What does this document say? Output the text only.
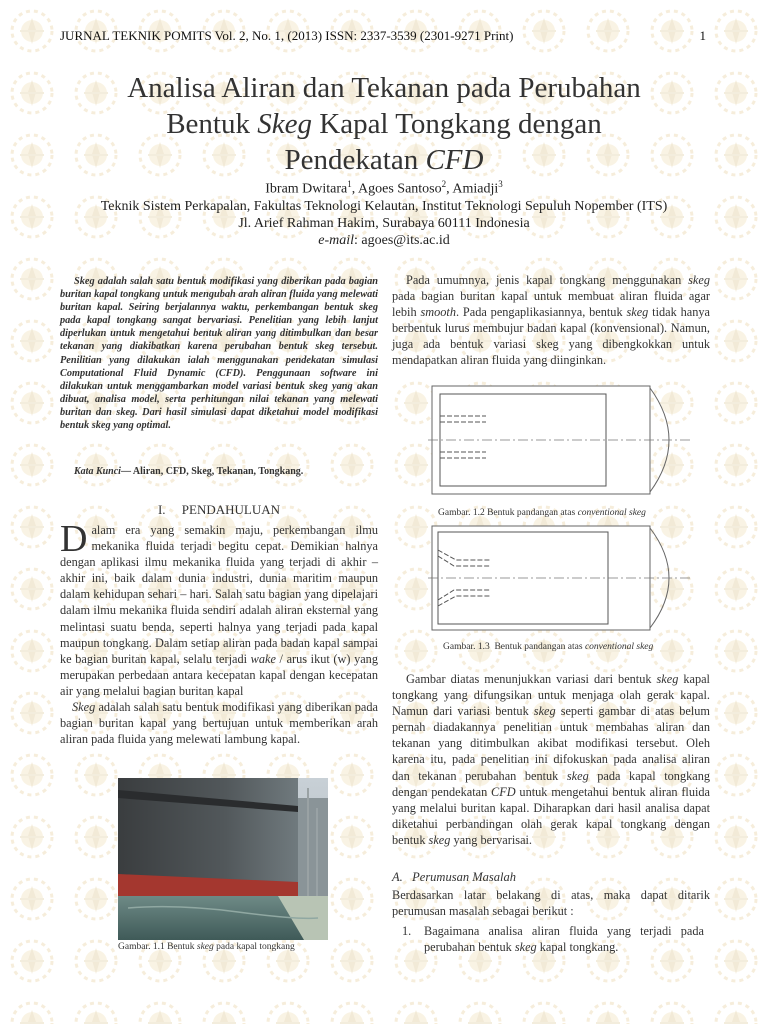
JURNAL TEKNIK POMITS Vol. 2, No. 1, (2013) ISSN: 2337-3539 (2301-9271 Print)	1
Analisa Aliran dan Tekanan pada Perubahan
Bentuk Skeg Kapal Tongkang dengan
Pendekatan CFD
Ibram Dwitara$^1$, Agoes Santoso$^2$, Amiadji$^3$
Teknik Sistem Perkapalan, Fakultas Teknologi Kelautan, Institut Teknologi Sepuluh Nopember (ITS)
Jl. Arief Rahman Hakim, Surabaya 60111 Indonesia
e-mail: agoes@its.ac.id

Skeg adalah salah satu bentuk modifikasi yang diberikan pada bagian buritan kapal tongkang untuk mengubah arah aliran fluida yang melewati buritan kapal. Seiring berjalannya waktu, perkembangan bentuk skeg pada kapal tongkang sangat bervariasi. Penelitian yang lebih lanjut diperlukan untuk mengetahui bentuk aliran yang ditimbulkan dan besar tekanan yang diakibatkan karena perubahan bentuk skeg tersebut. Penilitian yang dilakukan ialah menggunakan pendekatan simulasi Computational Fluid Dynamic (CFD). Penggunaan software ini dilakukan untuk menggambarkan model variasi bentuk skeg yang akan dibuat, analisa model, serta perhitungan nilai tekanan yang melewati buritan dan skeg. Dari hasil simulasi dapat diketahui model modifikasi bentuk skeg yang optimal.

Kata Kunci— Aliran, CFD, Skeg, Tekanan, Tongkang.

I.     PENDAHULUAN

Dalam era yang semakin maju, perkembangan ilmu mekanika fluida terjadi begitu cepat. Demikian halnya dengan aplikasi ilmu mekanika fluida yang terjadi di akhir – akhir ini, baik dalam dunia industri, dunia maritim maupun dalam kehidupan sehari – hari. Salah satu bagian yang dipelajari dalam ilmu mekanika fluida sendiri adalah aliran eksternal yang melintasi suatu benda, seperti halnya yang terjadi pada kapal maupun tongkang. Dalam setiap aliran pada badan kapal sampai ke bagian buritan kapal, selalu terjadi wake / arus ikut (w) yang merupakan perbedaan antara kecepatan kapal dengan kecepatan air yang melalui bagian buritan kapal

Skeg adalah salah satu bentuk modifikasi yang diberikan pada bagian buritan kapal yang bertujuan untuk memberikan arah aliran pada fluida yang melewati lambung kapal.

Gambar. 1.1 Bentuk skeg pada kapal tongkang

Pada umumnya, jenis kapal tongkang menggunakan skeg pada bagian buritan kapal untuk membuat aliran fluida agar lebih smooth. Pada pengaplikasiannya, bentuk skeg tidak hanya berbentuk lurus membujur badan kapal (konvensional). Namun, juga ada bentuk variasi skeg yang dibengkokkan untuk mendapatkan aliran fluida yang diinginkan.

Gambar. 1.2 Bentuk pandangan atas conventional skeg
Gambar. 1.3  Bentuk pandangan atas conventional skeg

Gambar diatas menunjukkan variasi dari bentuk skeg kapal tongkang yang difungsikan untuk menjaga olah gerak kapal. Namun dari variasi bentuk skeg seperti gambar di atas belum pernah diadakannya penelitian untuk membahas aliran dan tekanan yang ditimbulkan akibat modifikasi tersebut. Oleh karena itu, pada penelitian ini difokuskan pada analisa aliran dan tekanan perubahan bentuk skeg pada kapal tongkang dengan pendekatan CFD untuk mengetahui bentuk aliran fluida yang melalui buritan kapal. Diharapkan dari hasil analisa dapat diketahui perbandingan olah gerak kapal tongkang dengan bentuk skeg yang bervarisai.

A.   Perumusan Masalah

Berdasarkan latar belakang di atas, maka dapat ditarik perumusan masalah sebagai berikut :

1. Bagaimana analisa aliran fluida yang terjadi pada perubahan bentuk skeg kapal tongkang.
